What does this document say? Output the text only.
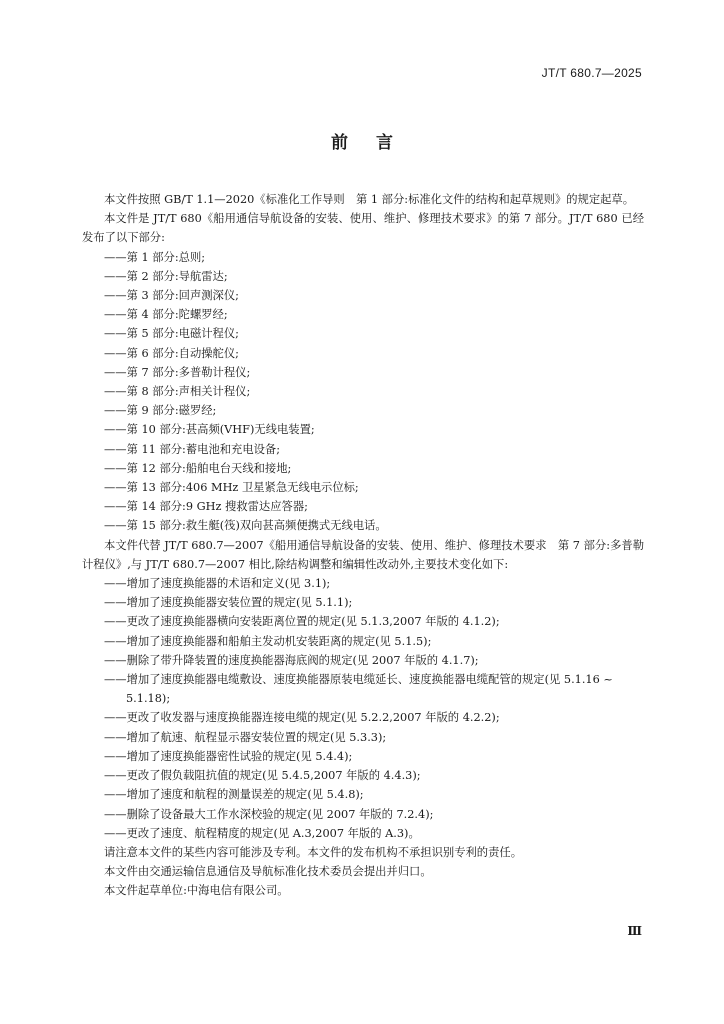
JT/T 680.7—2025
前言

本文件按照 GB/T 1.1—2020《标准化工作导则　第 1 部分:标准化文件的结构和起草规则》的规定起草。

本文件是 JT/T 680《船用通信导航设备的安装、使用、维护、修理技术要求》的第 7 部分。JT/T 680 已经发布了以下部分:

——第 1 部分:总则;
——第 2 部分:导航雷达;
——第 3 部分:回声测深仪;
——第 4 部分:陀螺罗经;
——第 5 部分:电磁计程仪;
——第 6 部分:自动操舵仪;
——第 7 部分:多普勒计程仪;
——第 8 部分:声相关计程仪;
——第 9 部分:磁罗经;
——第 10 部分:甚高频(VHF)无线电装置;
——第 11 部分:蓄电池和充电设备;
——第 12 部分:船舶电台天线和接地;
——第 13 部分:406 MHz 卫星紧急无线电示位标;
——第 14 部分:9 GHz 搜救雷达应答器;
——第 15 部分:救生艇(筏)双向甚高频便携式无线电话。

本文件代替 JT/T 680.7—2007《船用通信导航设备的安装、使用、维护、修理技术要求　第 7 部分:多普勒计程仪》,与 JT/T 680.7—2007 相比,除结构调整和编辑性改动外,主要技术变化如下:

——增加了速度换能器的术语和定义(见 3.1);
——增加了速度换能器安装位置的规定(见 5.1.1);
——更改了速度换能器横向安装距离位置的规定(见 5.1.3,2007 年版的 4.1.2);
——增加了速度换能器和船舶主发动机安装距离的规定(见 5.1.5);
——删除了带升降装置的速度换能器海底阀的规定(见 2007 年版的 4.1.7);
——增加了速度换能器电缆敷设、速度换能器原装电缆延长、速度换能器电缆配管的规定(见 5.1.16 ~ 5.1.18);
——更改了收发器与速度换能器连接电缆的规定(见 5.2.2,2007 年版的 4.2.2);
——增加了航速、航程显示器安装位置的规定(见 5.3.3);
——增加了速度换能器密性试验的规定(见 5.4.4);
——更改了假负载阻抗值的规定(见 5.4.5,2007 年版的 4.4.3);
——增加了速度和航程的测量误差的规定(见 5.4.8);
——删除了设备最大工作水深校验的规定(见 2007 年版的 7.2.4);
——更改了速度、航程精度的规定(见 A.3,2007 年版的 A.3)。

请注意本文件的某些内容可能涉及专利。本文件的发布机构不承担识别专利的责任。

本文件由交通运输信息通信及导航标准化技术委员会提出并归口。

本文件起草单位:中海电信有限公司。

Ⅲ
